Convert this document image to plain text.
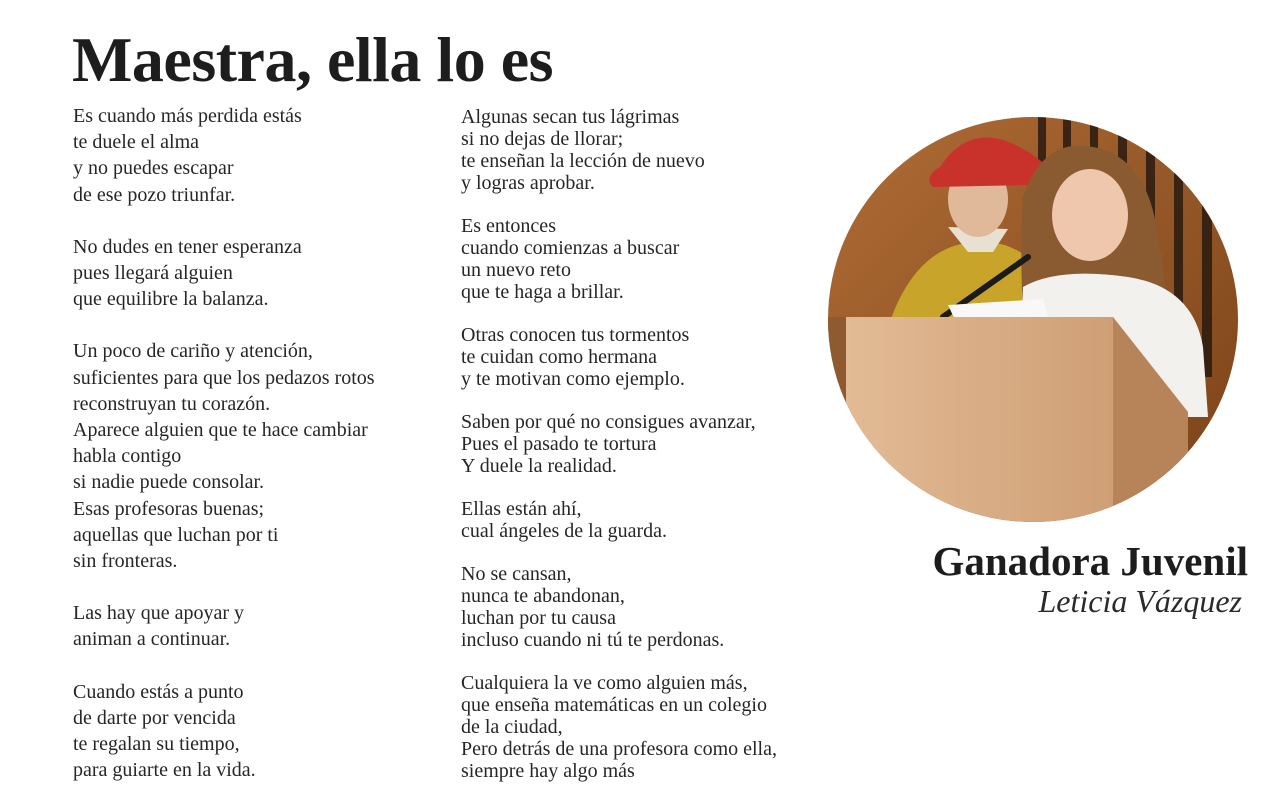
Maestra, ella lo es

Es cuando más perdida estás
te duele el alma
y no puedes escapar
de ese pozo triunfar.

No dudes en tener esperanza
pues llegará alguien
que equilibre la balanza.

Un poco de cariño y atención,
suficientes para que los pedazos rotos
reconstruyan tu corazón.
Aparece alguien que te hace cambiar
habla contigo
si nadie puede consolar.
Esas profesoras buenas;
aquellas que luchan por ti
sin fronteras.

Las hay que apoyar y
animan a continuar.

Cuando estás a punto
de darte por vencida
te regalan su tiempo,
para guiarte en la vida.

Algunas secan tus lágrimas
si no dejas de llorar;
te enseñan la lección de nuevo
y logras aprobar.

Es entonces
cuando comienzas a buscar
un nuevo reto
que te haga a brillar.

Otras conocen tus tormentos
te cuidan como hermana
y te motivan como ejemplo.

Saben por qué no consigues avanzar,
Pues el pasado te tortura
Y duele la realidad.

Ellas están ahí,
cual ángeles de la guarda.

No se cansan,
nunca te abandonan,
luchan por tu causa
incluso cuando ni tú te perdonas.

Cualquiera la ve como alguien más,
que enseña matemáticas en un colegio
de la ciudad,
Pero detrás de una profesora como ella,
siempre hay algo más

Ganadora Juvenil
Leticia Vázquez
